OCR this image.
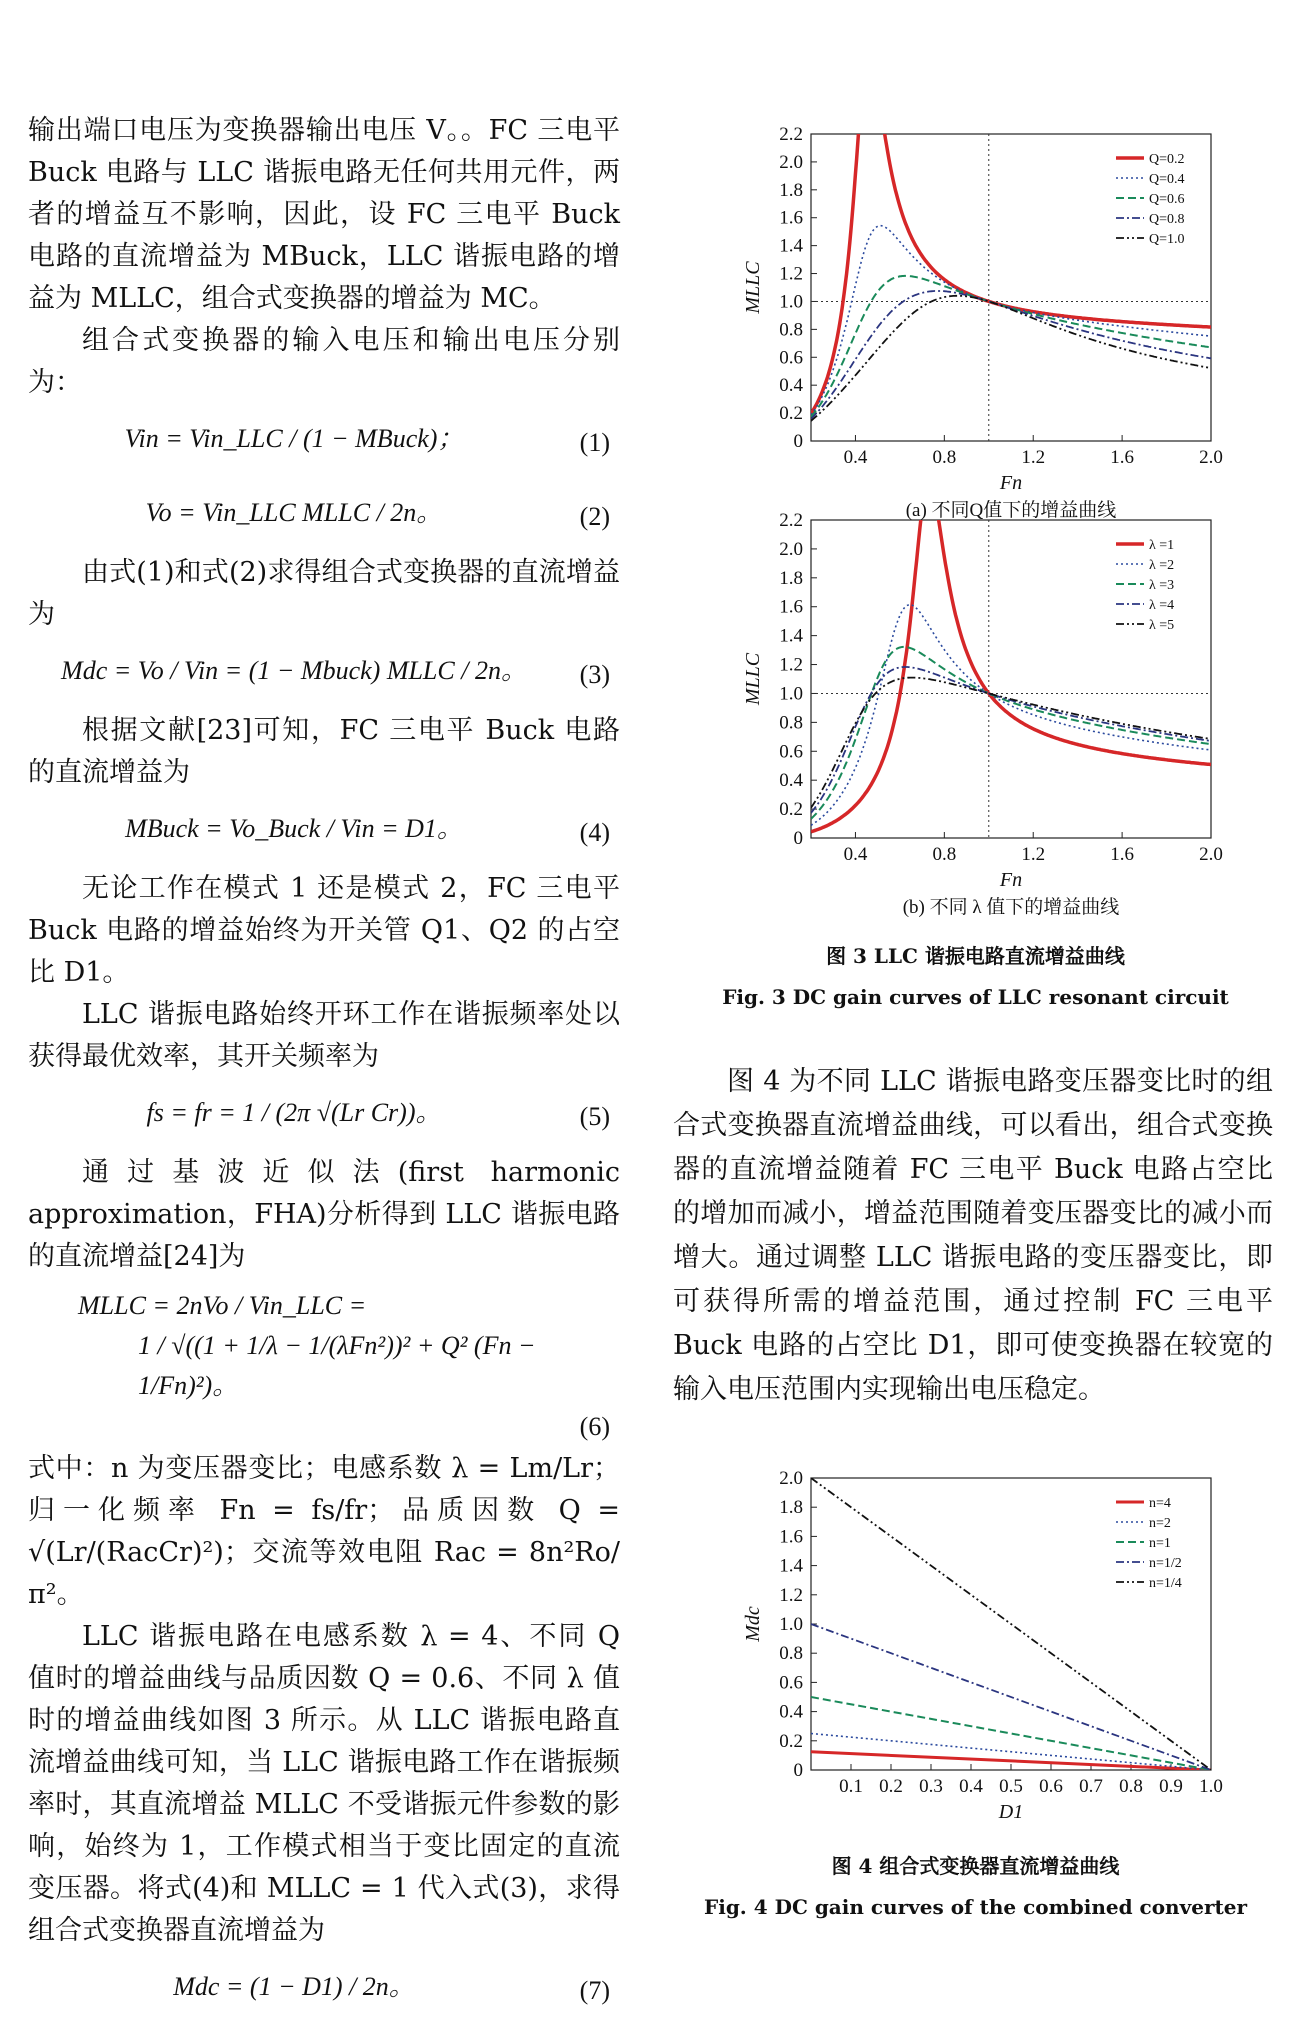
输出端口电压为变换器输出电压 V。。FC 三电平 Buck 电路与 LLC 谐振电路无任何共用元件，两者的增益互不影响，因此，设 FC 三电平 Buck 电路的直流增益为 MBuck，LLC 谐振电路的增益为 MLLC，组合式变换器的增益为 MC。

组合式变换器的输入电压和输出电压分别为：

Vin = Vin_LLC / (1 − MBuck)；	(1)
Vo = Vin_LLC MLLC / 2n。	(2)

由式(1)和式(2)求得组合式变换器的直流增益为

Mdc = Vo / Vin = (1 − Mbuck) MLLC / 2n。	(3)

根据文献[23]可知，FC 三电平 Buck 电路的直流增益为

MBuck = Vo_Buck / Vin = D1。	(4)

无论工作在模式 1 还是模式 2，FC 三电平 Buck 电路的增益始终为开关管 Q1、Q2 的占空比 D1。

LLC 谐振电路始终开环工作在谐振频率处以获得最优效率，其开关频率为

fs = fr = 1 / (2π √(Lr Cr))。	(5)

通过基波近似法(first harmonic approximation，FHA)分析得到 LLC 谐振电路的直流增益[24]为

MLLC = 2nVo / Vin_LLC =
1 / √((1 + 1/λ − 1/(λFn²))² + Q² (Fn − 1/Fn)²)。
(6)

式中：n 为变压器变比；电感系数 λ = Lm/Lr；归一化频率 Fn = fs/fr；品质因数 Q = √(Lr/(RacCr)²)；交流等效电阻 Rac = 8n²Ro/π²。

LLC 谐振电路在电感系数 λ = 4、不同 Q 值时的增益曲线与品质因数 Q = 0.6、不同 λ 值时的增益曲线如图 3 所示。从 LLC 谐振电路直流增益曲线可知，当 LLC 谐振电路工作在谐振频率时，其直流增益 MLLC 不受谐振元件参数的影响，始终为 1，工作模式相当于变比固定的直流变压器。将式(4)和 MLLC = 1 代入式(3)，求得组合式变换器直流增益为

Mdc = (1 − D1) / 2n。	(7)
0
0.2
0.4
0.6
0.8
1.0
1.2
1.4
1.6
1.8
2.0
2.2
0.4	0.8	1.2	1.6	2.0
Fn
MLLC
Q=0.2
Q=0.4
Q=0.6
Q=0.8
Q=1.0
(a) 不同Q值下的增益曲线
0
0.2
0.4
0.6
0.8
1.0
1.2
1.4
1.6
1.8
2.0
2.2
0.4	0.8	1.2	1.6	2.0
Fn
MLLC
λ =1
λ =2
λ =3
λ =4
λ =5
(b) 不同 λ 值下的增益曲线
图 3 LLC 谐振电路直流增益曲线
Fig. 3 DC gain curves of LLC resonant circuit

图 4 为不同 LLC 谐振电路变压器变比时的组合式变换器直流增益曲线，可以看出，组合式变换器的直流增益随着 FC 三电平 Buck 电路占空比的增加而减小，增益范围随着变压器变比的减小而增大。通过调整 LLC 谐振电路的变压器变比，即可获得所需的增益范围，通过控制 FC 三电平 Buck 电路的占空比 D1，即可使变换器在较宽的输入电压范围内实现输出电压稳定。

0
0.2
0.4
0.6
0.8
1.0
1.2
1.4
1.6
1.8
2.0
0.1 0.2 0.3 0.4 0.5 0.6 0.7 0.8 0.9 1.0
D1
Mdc
n=4
n=2
n=1
n=1/2
n=1/4
图 4 组合式变换器直流增益曲线
Fig. 4 DC gain curves of the combined converter
